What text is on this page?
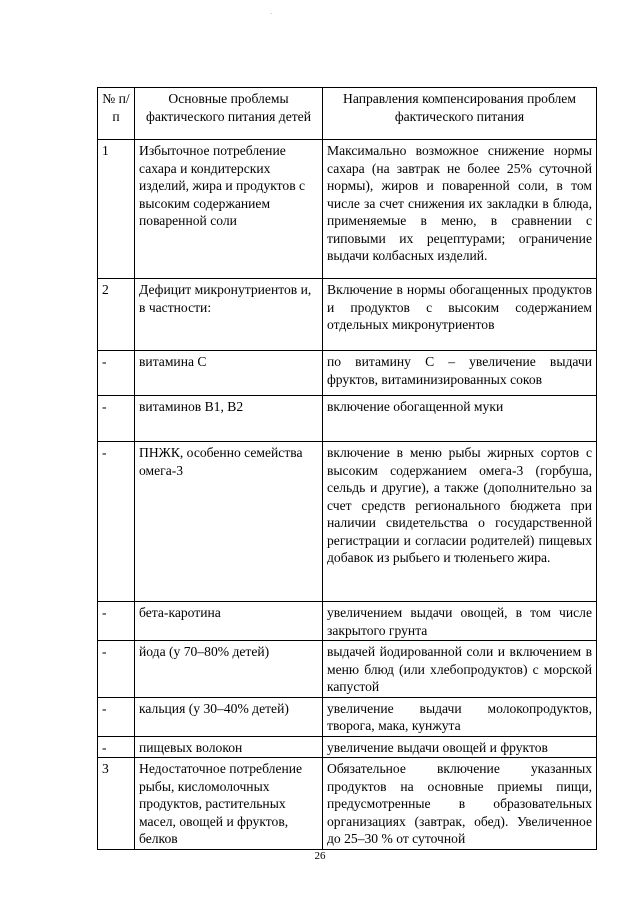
·
№ п/п	Основные проблемы фактического питания детей	Направления компенсирования проблем фактического питания
1	Избыточное потребление сахара и кондитерских изделий, жира и продуктов с высоким содержанием поваренной соли	Максимально возможное снижение нормы сахара (на завтрак не более 25% суточной нормы), жиров и поваренной соли, в том числе за счет снижения их закладки в блюда, применяемые в меню, в сравнении с типовыми их рецептурами; ограничение выдачи колбасных изделий.
2	Дефицит микронутриентов и, в частности:	Включение в нормы обогащенных продуктов и продуктов с высоким содержанием отдельных микронутриентов
-	витамина С	по витамину С – увеличение выдачи фруктов, витаминизированных соков
-	витаминов В1, В2	включение обогащенной муки
-	ПНЖК, особенно семейства омега-3	включение в меню рыбы жирных сортов с высоким содержанием омега-3 (горбуша, сельдь и другие), а также (дополнительно за счет средств регионального бюджета при наличии свидетельства о государственной регистрации и согласии родителей) пищевых добавок из рыбьего и тюленьего жира.
-	бета-каротина	увеличением выдачи овощей, в том числе закрытого грунта
-	йода (у 70–80% детей)	выдачей йодированной соли и включением в меню блюд (или хлебопродуктов) с морской капустой
-	кальция (у 30–40% детей)	увеличение выдачи молокопродуктов, творога, мака, кунжута
-	пищевых волокон	увеличение выдачи овощей и фруктов
3	Недостаточное потребление рыбы, кисломолочных продуктов, растительных масел, овощей и фруктов, белков	Обязательное включение указанных продуктов на основные приемы пищи, предусмотренные в образовательных организациях (завтрак, обед). Увеличенное до 25–30 % от суточной
26
